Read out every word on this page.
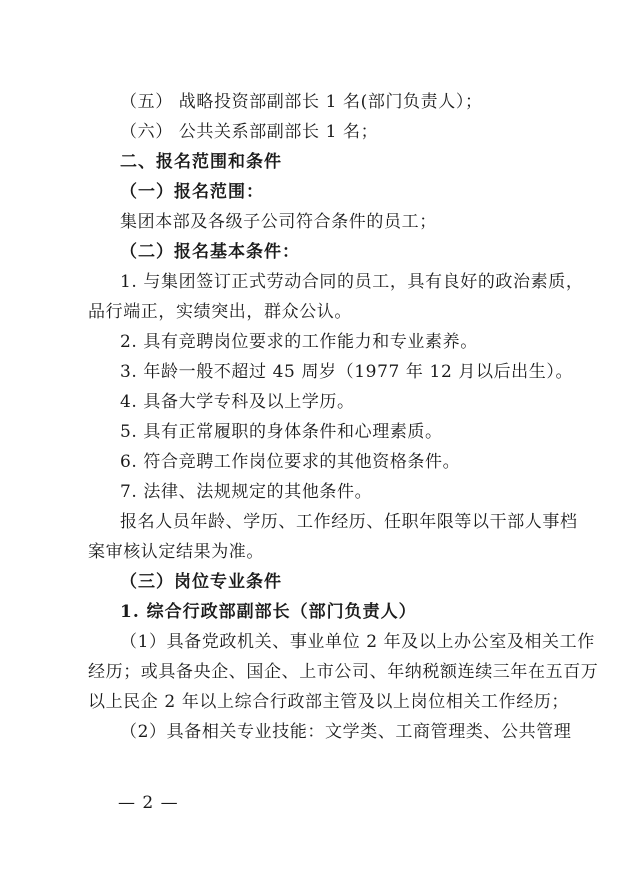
（五） 战略投资部副部长 1 名(部门负责人）；
（六） 公共关系部副部长 1 名；
二、报名范围和条件
（一）报名范围：
集团本部及各级子公司符合条件的员工；
（二）报名基本条件：
1. 与集团签订正式劳动合同的员工，具有良好的政治素质，
品行端正，实绩突出，群众公认。
2. 具有竞聘岗位要求的工作能力和专业素养。
3. 年龄一般不超过 45 周岁（1977 年 12 月以后出生）。
4. 具备大学专科及以上学历。
5. 具有正常履职的身体条件和心理素质。
6. 符合竞聘工作岗位要求的其他资格条件。
7. 法律、法规规定的其他条件。
报名人员年龄、学历、工作经历、任职年限等以干部人事档
案审核认定结果为准。
（三）岗位专业条件
1. 综合行政部副部长（部门负责人）
（1）具备党政机关、事业单位 2 年及以上办公室及相关工作
经历；或具备央企、国企、上市公司、年纳税额连续三年在五百万
以上民企 2 年以上综合行政部主管及以上岗位相关工作经历；
（2）具备相关专业技能：文学类、工商管理类、公共管理
— 2 —
